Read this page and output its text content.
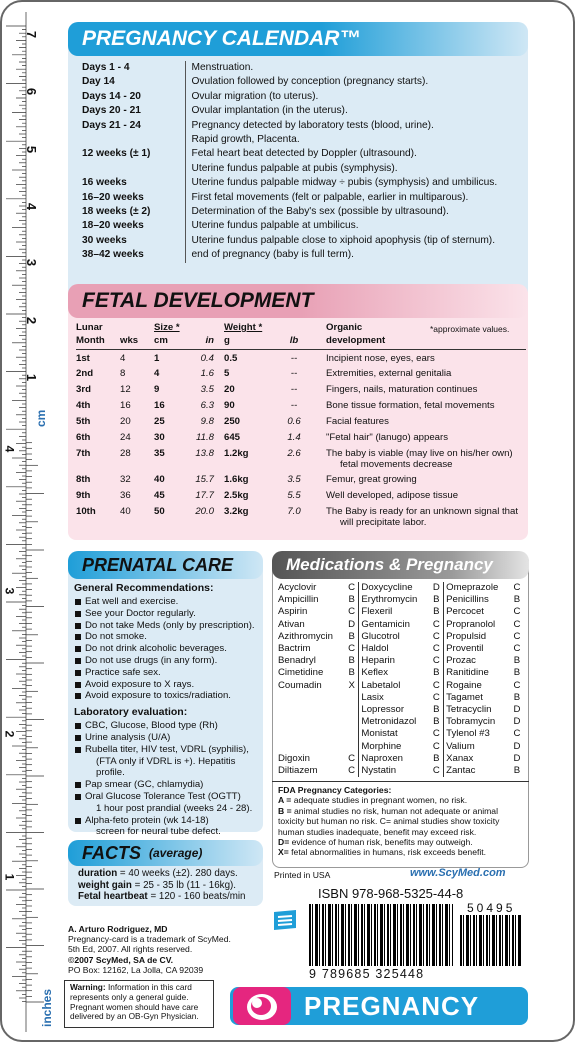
7
6
5
4
3
2
1
cm
4
3
2
1
inches
PREGNANCY CALENDAR™
Days 1 - 4	Menstruation.
Day 14	Ovulation followed by conception (pregnancy starts).
Days 14 - 20	Ovular migration (to uterus).
Days 20 - 21	Ovular implantation (in the uterus).
Days 21 - 24	Pregnancy detected by laboratory tests (blood, urine).
	Rapid growth, Placenta.
12 weeks (± 1)	Fetal heart beat detected by Doppler (ultrasound).
	Uterine fundus palpable at pubis (symphysis).
16 weeks	Uterine fundus palpable midway ÷ pubis (symphysis) and umbilicus.
16–20 weeks	First fetal movements (felt or palpable, earlier in multiparous).
18 weeks (± 2)	Determination of the Baby's sex (possible by ultrasound).
18–20 weeks	Uterine fundus palpable at umbilicus.
30 weeks	Uterine fundus palpable close to xiphoid apophysis (tip of sternum).
38–42 weeks	end of pregnancy (baby is full term).
FETAL DEVELOPMENT
*approximate values.
Lunar		Size *		Weight *		Organic
Month	wks	cm	in	g	lb	development
1st	4	1	0.4	0.5	--	Incipient nose, eyes, ears

2nd	8	4	1.6	5	--	Extremities, external genitalia

3rd	12	9	3.5	20	--	Fingers, nails, maturation continues

4th	16	16	6.3	90	--	Bone tissue formation, fetal movements

5th	20	25	9.8	250	0.6	Facial features

6th	24	30	11.8	645	1.4	"Fetal hair" (lanugo) appears

7th	28	35	13.8	1.2kg	2.6	The baby is viable (may live on his/her own)
fetal movements decrease

8th	32	40	15.7	1.6kg	3.5	Femur, great growing

9th	36	45	17.7	2.5kg	5.5	Well developed, adipose tissue

10th	40	50	20.0	3.2kg	7.0	The Baby is ready for an unknown signal that
will precipitate labor.
PRENATAL CARE
General Recommendations:
Eat well and exercise.
See your Doctor regularly.
Do not take Meds (only by prescription).
Do not smoke.
Do not drink alcoholic beverages.
Do not use drugs (in any form).
Practice safe sex.
Avoid exposure to X rays.
Avoid exposure to toxics/radiation.
Laboratory evaluation:
CBC, Glucose, Blood type (Rh)
Urine analysis (U/A)
Rubella titer, HIV test, VDRL (syphilis),
(FTA only if VDRL is +). Hepatitis profile.
Pap smear (GC, chlamydia)
Oral Glucose Tolerance Test (OGTT)
1 hour post prandial (weeks 24 - 28).
Alpha-feto protein (wk 14-18)
screen for neural tube defect.
FACTS (average)
duration = 40 weeks (±2). 280 days.
weight gain = 25 - 35 lb (11 - 16kg).
Fetal heartbeat = 120 - 160 beats/min
A. Arturo Rodriguez, MD
Pregnancy-card is a trademark of ScyMed.
5th Ed, 2007. All rights reserved.
©2007 ScyMed, SA de CV.
PO Box: 12162, La Jolla, CA 92039
Warning: Information in this card represents only a general guide. Pregnant women should have care delivered by an OB-Gyn Physician.
Medications & Pregnancy
Acyclovir	C	Doxycycline	D	Omeprazole	C
Ampicillin	B	Erythromycin	B	Penicillins	B
Aspirin	C	Flexeril	B	Percocet	C
Ativan	D	Gentamicin	C	Propranolol	C
Azithromycin	B	Glucotrol	C	Propulsid	C
Bactrim	C	Haldol	C	Proventil	C
Benadryl	B	Heparin	C	Prozac	B
Cimetidine	B	Keflex	B	Ranitidine	B
Coumadin	X	Labetalol	C	Rogaine	C
		Lasix	C	Tagamet	B
		Lopressor	B	Tetracyclin	D
		Metronidazol	B	Tobramycin	D
		Monistat	C	Tylenol #3	C
		Morphine	C	Valium	D
Digoxin	C	Naproxen	B	Xanax	D
Diltiazem	C	Nystatin	C	Zantac	B
FDA Pregnancy Categories:
A = adequate studies in pregnant women, no risk.
B = animal studies no risk, human not adequate or animal toxicity but human no risk. C= animal studies show toxicity human studies inadequate, benefit may exceed risk.
D= evidence of human risk, benefits may outweigh.
X= fetal abnormalities in humans, risk exceeds benefit.
Printed in USA	www.ScyMed.com
ISBN 978-968-5325-44-8
50495
9 789685 325448
PREGNANCY
